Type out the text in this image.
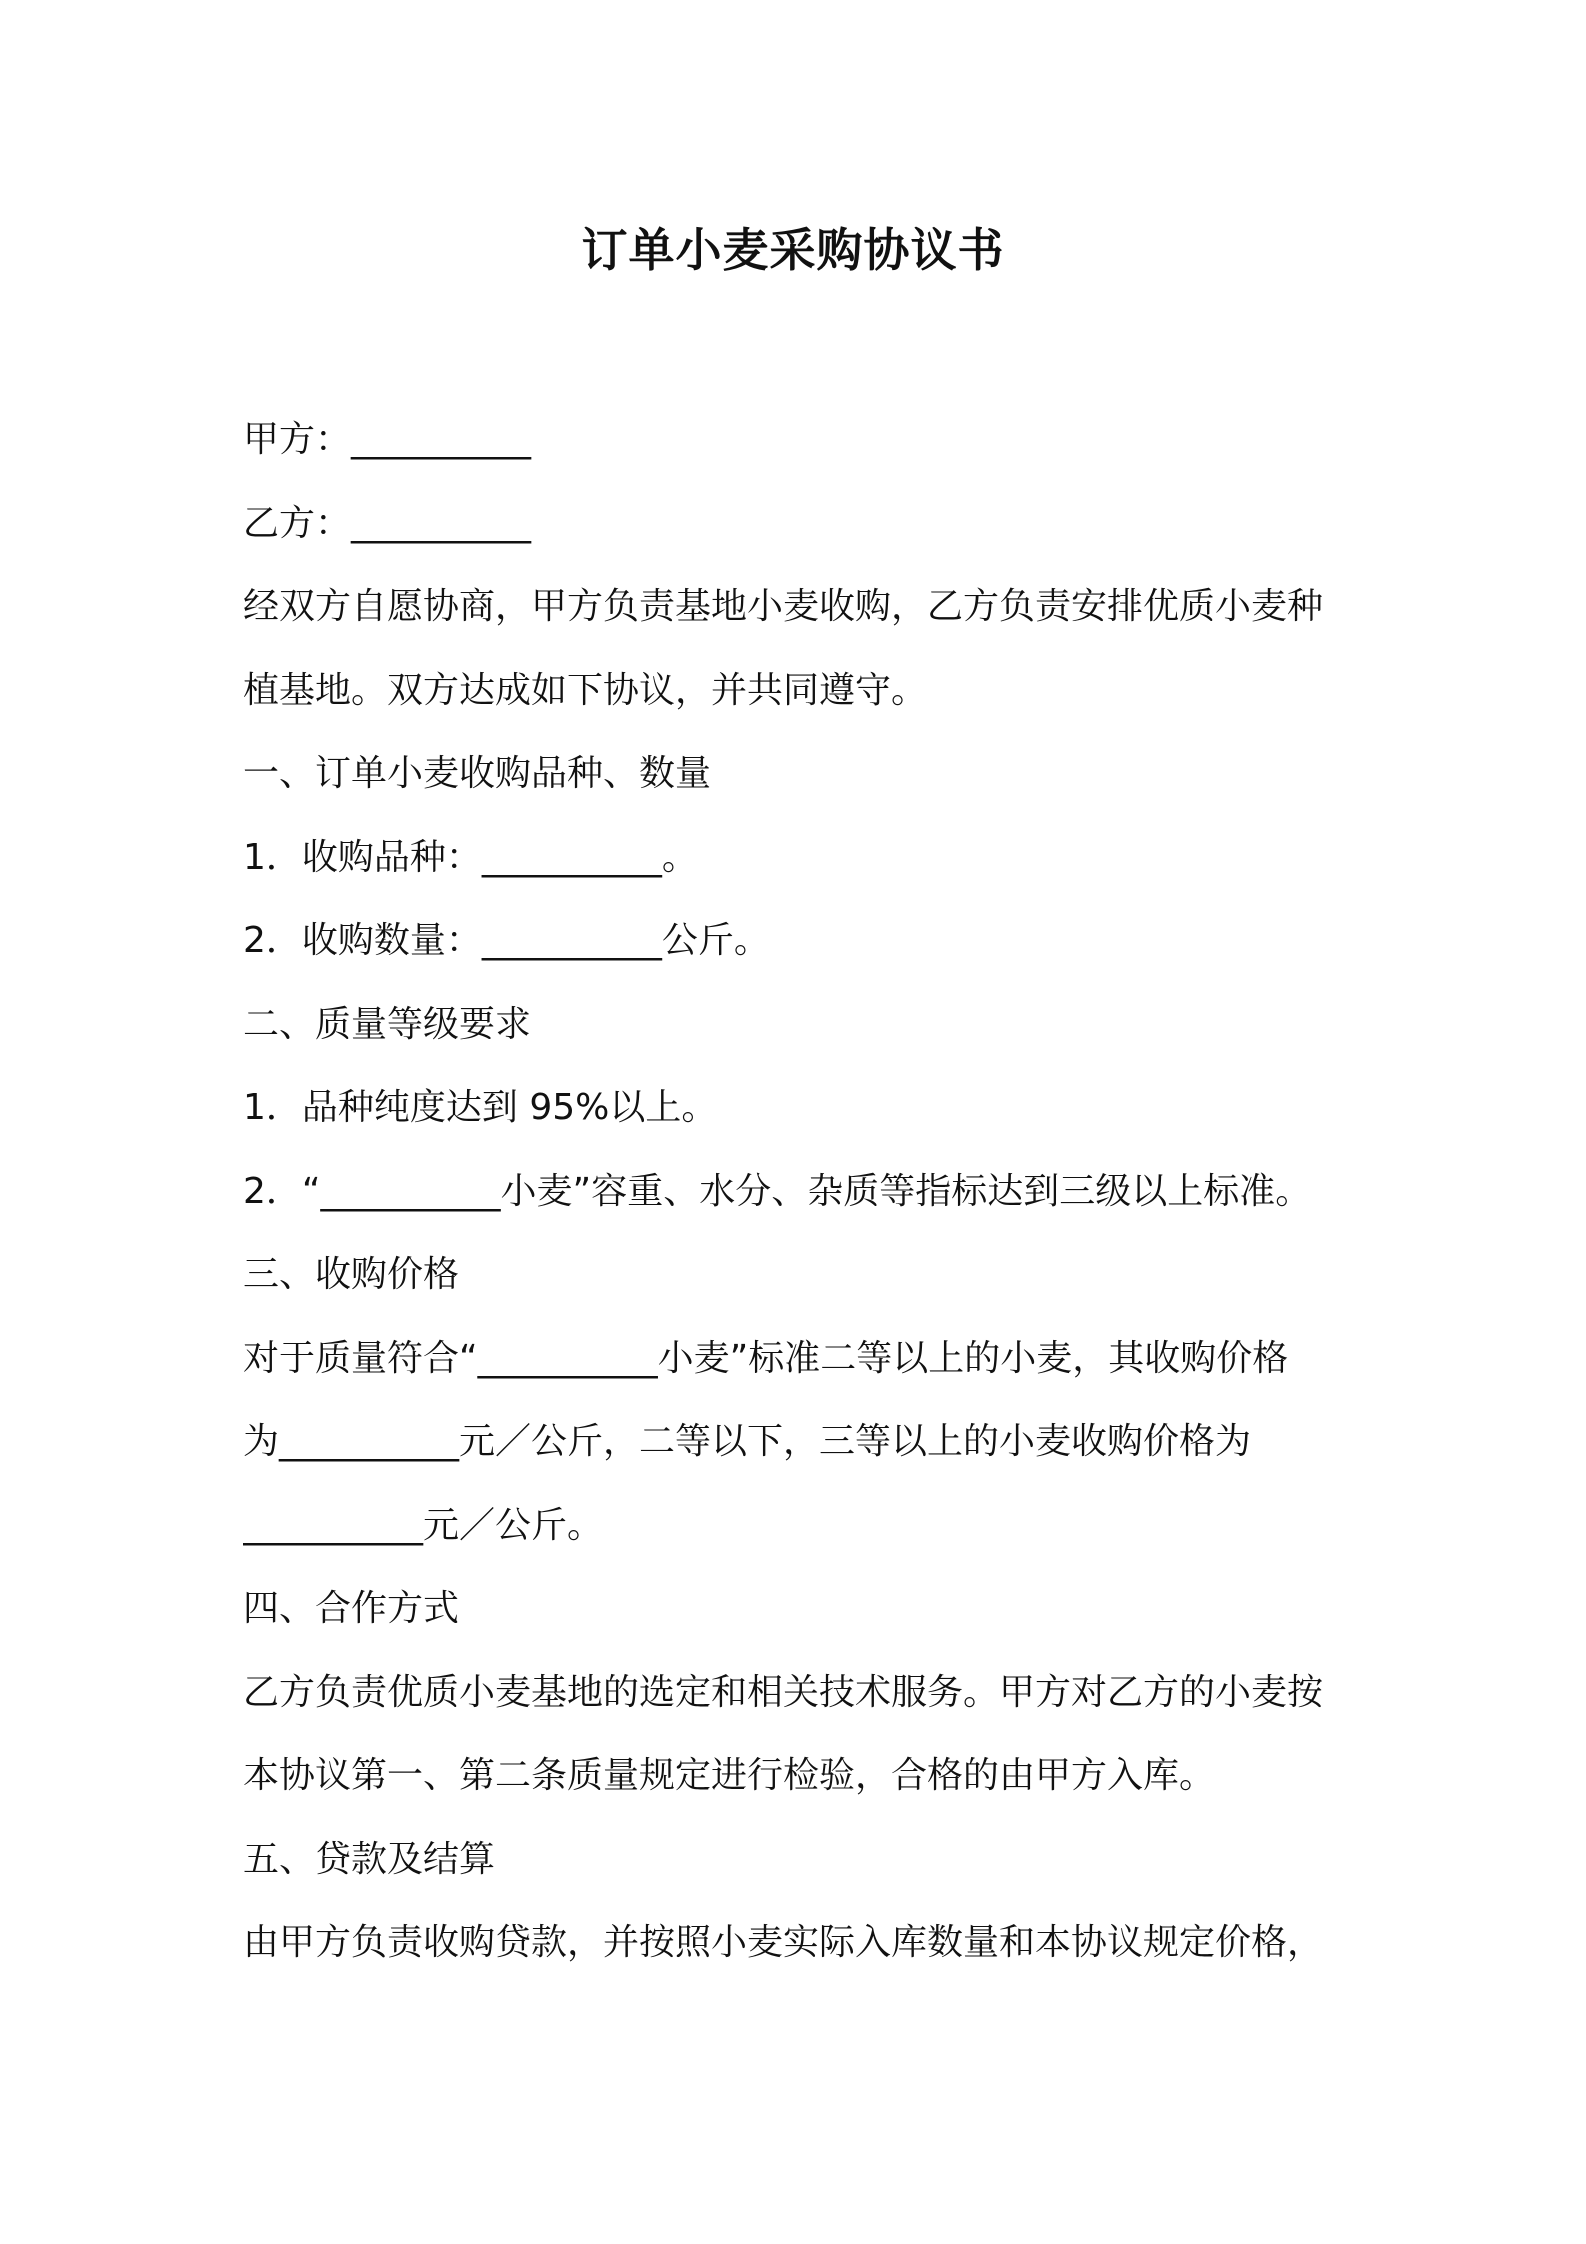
订单小麦采购协议书
甲方：__________
乙方：__________
经双方自愿协商，甲方负责基地小麦收购，乙方负责安排优质小麦种
植基地。双方达成如下协议，并共同遵守。
一、订单小麦收购品种、数量
1．收购品种：__________。
2．收购数量：__________公斤。
二、质量等级要求
1．品种纯度达到 95%以上。
2．“__________小麦”容重、水分、杂质等指标达到三级以上标准。
三、收购价格
对于质量符合“__________小麦”标准二等以上的小麦，其收购价格
为__________元／公斤，二等以下，三等以上的小麦收购价格为
__________元／公斤。
四、合作方式
乙方负责优质小麦基地的选定和相关技术服务。甲方对乙方的小麦按
本协议第一、第二条质量规定进行检验，合格的由甲方入库。
五、贷款及结算
由甲方负责收购贷款，并按照小麦实际入库数量和本协议规定价格，
